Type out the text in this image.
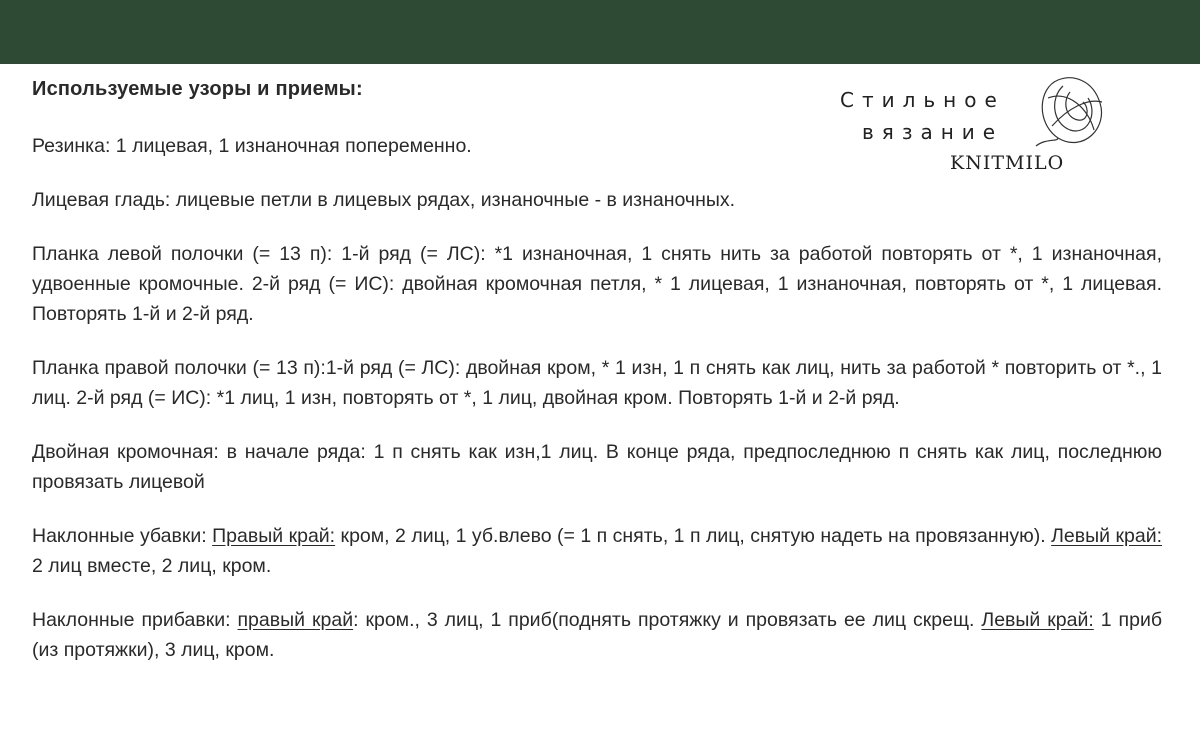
Стильное
вязание
KNITMILO
Используемые узоры и приемы:

Резинка: 1 лицевая, 1 изнаночная попеременно.

Лицевая гладь: лицевые петли в лицевых рядах, изнаночные - в изнаночных.

Планка левой полочки (= 13 п): 1-й ряд (= ЛС): *1 изнаночная, 1 снять нить за работой повторять от *, 1 изнаночная, удвоенные кромочные. 2-й ряд (= ИС): двойная кромочная петля, * 1 лицевая, 1 изнаночная, повторять от *, 1 лицевая. Повторять 1-й и 2-й ряд.

Планка правой полочки (= 13 п):1-й ряд (= ЛС): двойная кром, * 1 изн, 1 п снять как лиц, нить за работой * повторить от *., 1 лиц. 2-й ряд (= ИС): *1 лиц, 1 изн, повторять от *, 1 лиц, двойная кром. Повторять 1-й и 2-й ряд.

Двойная кромочная: в начале ряда: 1 п снять как изн,1 лиц. В конце ряда, предпоследнюю п снять как лиц, последнюю провязать лицевой

Наклонные убавки: Правый край: кром, 2 лиц, 1 уб.влево (= 1 п снять, 1 п лиц, снятую надеть на провязанную). Левый край: 2 лиц вместе, 2 лиц, кром.

Наклонные прибавки: правый край: кром., 3 лиц, 1 приб(поднять протяжку и провязать ее лиц скрещ. Левый край: 1 приб (из протяжки), 3 лиц, кром.
